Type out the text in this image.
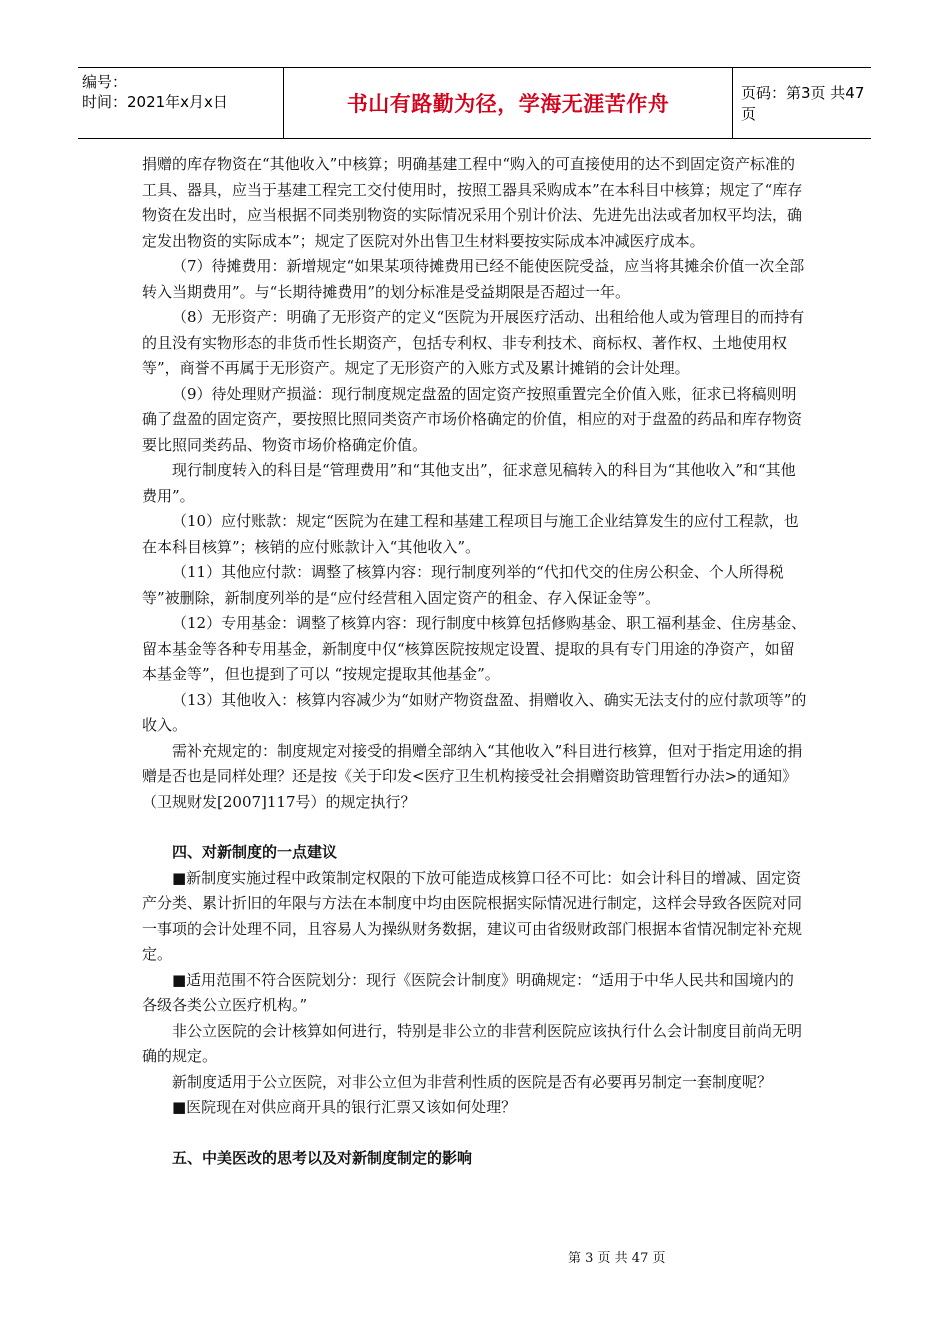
编号：
时间：2021年x月x日	书山有路勤为径，学海无涯苦作舟	页码：第3页 共47页

捐赠的库存物资在“其他收入”中核算；明确基建工程中“购入的可直接使用的达不到固定资产标准的工具、器具，应当于基建工程完工交付使用时，按照工器具采购成本”在本科目中核算；规定了“库存物资在发出时，应当根据不同类别物资的实际情况采用个别计价法、先进先出法或者加权平均法，确定发出物资的实际成本”；规定了医院对外出售卫生材料要按实际成本冲减医疗成本。

（7）待摊费用：新增规定“如果某项待摊费用已经不能使医院受益，应当将其摊余价值一次全部转入当期费用”。与“长期待摊费用”的划分标准是受益期限是否超过一年。

（8）无形资产：明确了无形资产的定义“医院为开展医疗活动、出租给他人或为管理目的而持有的且没有实物形态的非货币性长期资产，包括专利权、非专利技术、商标权、著作权、土地使用权等”，商誉不再属于无形资产。规定了无形资产的入账方式及累计摊销的会计处理。

（9）待处理财产损溢：现行制度规定盘盈的固定资产按照重置完全价值入账，征求已将稿则明确了盘盈的固定资产，要按照比照同类资产市场价格确定的价值，相应的对于盘盈的药品和库存物资要比照同类药品、物资市场价格确定价值。

现行制度转入的科目是“管理费用”和“其他支出”，征求意见稿转入的科目为“其他收入”和“其他费用”。

（10）应付账款：规定“医院为在建工程和基建工程项目与施工企业结算发生的应付工程款，也在本科目核算”；核销的应付账款计入“其他收入”。

（11）其他应付款：调整了核算内容：现行制度列举的“代扣代交的住房公积金、个人所得税等”被删除，新制度列举的是“应付经营租入固定资产的租金、存入保证金等”。

（12）专用基金：调整了核算内容：现行制度中核算包括修购基金、职工福利基金、住房基金、留本基金等各种专用基金，新制度中仅“核算医院按规定设置、提取的具有专门用途的净资产，如留本基金等”，但也提到了可以 “按规定提取其他基金”。

（13）其他收入：核算内容减少为“如财产物资盘盈、捐赠收入、确实无法支付的应付款项等”的收入。

需补充规定的：制度规定对接受的捐赠全部纳入“其他收入”科目进行核算，但对于指定用途的捐赠是否也是同样处理？还是按《关于印发<医疗卫生机构接受社会捐赠资助管理暂行办法>的通知》（卫规财发[2007]117号）的规定执行？

四、对新制度的一点建议

■新制度实施过程中政策制定权限的下放可能造成核算口径不可比：如会计科目的增减、固定资产分类、累计折旧的年限与方法在本制度中均由医院根据实际情况进行制定，这样会导致各医院对同一事项的会计处理不同，且容易人为操纵财务数据，建议可由省级财政部门根据本省情况制定补充规定。

■适用范围不符合医院划分：现行《医院会计制度》明确规定：“适用于中华人民共和国境内的各级各类公立医疗机构。”

非公立医院的会计核算如何进行，特别是非公立的非营利医院应该执行什么会计制度目前尚无明确的规定。

新制度适用于公立医院，对非公立但为非营利性质的医院是否有必要再另制定一套制度呢？

■医院现在对供应商开具的银行汇票又该如何处理？

五、中美医改的思考以及对新制度制定的影响

第 3 页 共 47 页
